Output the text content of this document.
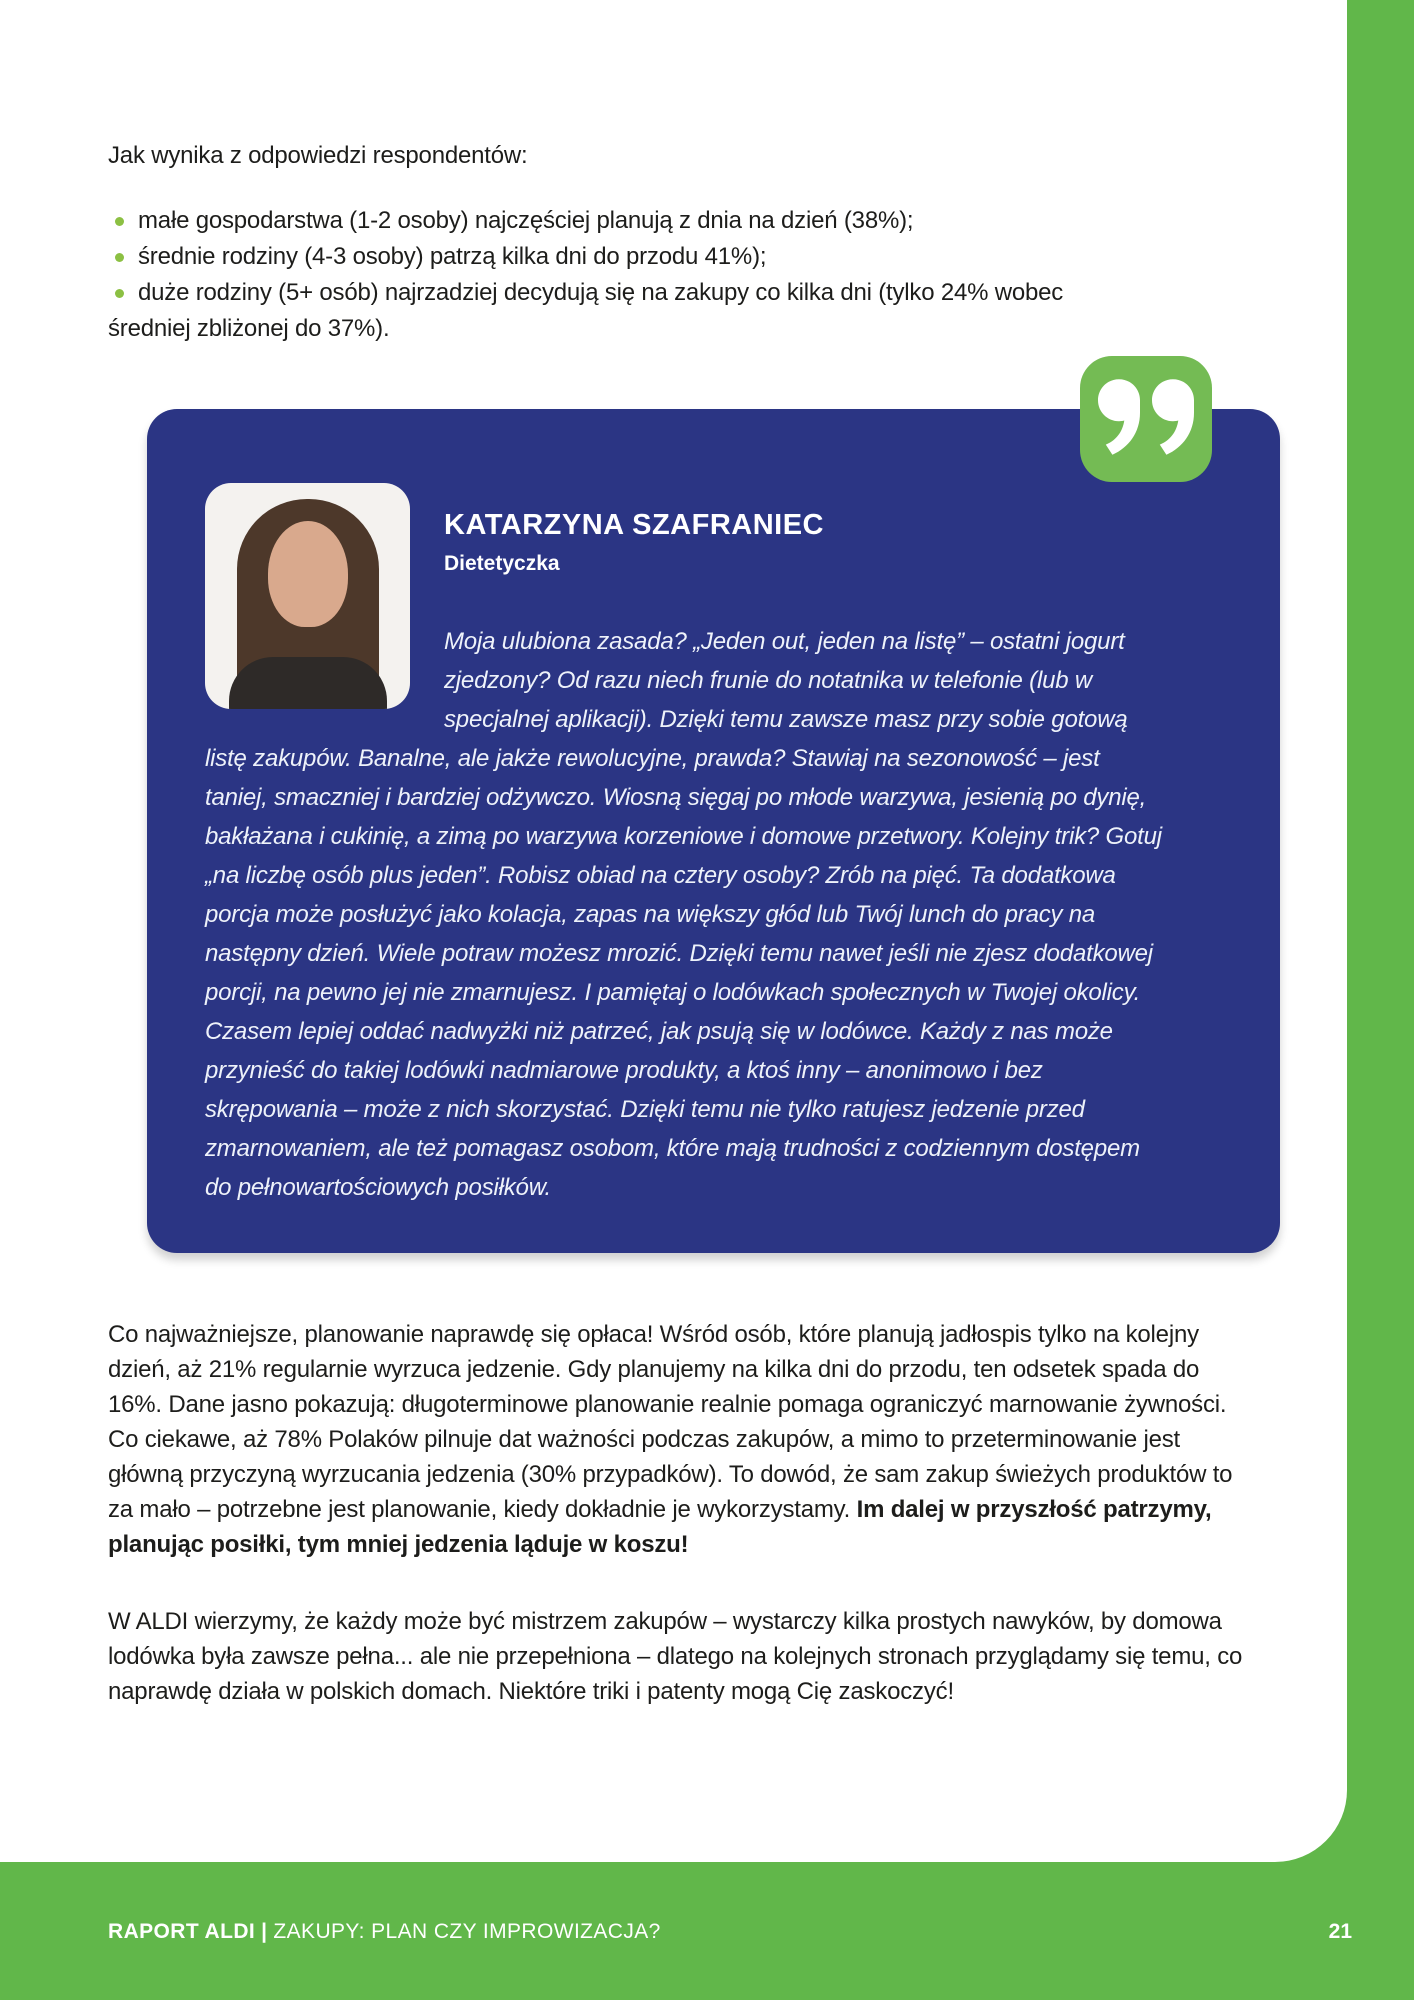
Jak wynika z odpowiedzi respondentów:

małe gospodarstwa (1-2 osoby) najczęściej planują z dnia na dzień (38%);
średnie rodziny (4-3 osoby) patrzą kilka dni do przodu 41%);
duże rodziny (5+ osób) najrzadziej decydują się na zakupy co kilka dni (tylko 24% wobec

średniej zbliżonej do 37%).

KATARZYNA SZAFRANIEC

Dietetyczka

Moja ulubiona zasada? „Jeden out, jeden na listę” – ostatni jogurt zjedzony? Od razu niech frunie do notatnika w telefonie (lub w specjalnej aplikacji). Dzięki temu zawsze masz przy sobie gotową listę zakupów. Banalne, ale jakże rewolucyjne, prawda? Stawiaj na sezonowość – jest taniej, smaczniej i bardziej odżywczo. Wiosną sięgaj po młode warzywa, jesienią po dynię, bakłażana i cukinię, a zimą po warzywa korzeniowe i domowe przetwory. Kolejny trik? Gotuj „na liczbę osób plus jeden”. Robisz obiad na cztery osoby? Zrób na pięć. Ta dodatkowa porcja może posłużyć jako kolacja, zapas na większy głód lub Twój lunch do pracy na następny dzień. Wiele potraw możesz mrozić. Dzięki temu nawet jeśli nie zjesz dodatkowej porcji, na pewno jej nie zmarnujesz. I pamiętaj o lodówkach społecznych w Twojej okolicy. Czasem lepiej oddać nadwyżki niż patrzeć, jak psują się w lodówce. Każdy z nas może przynieść do takiej lodówki nadmiarowe produkty, a ktoś inny – anonimowo i bez skrępowania – może z nich skorzystać. Dzięki temu nie tylko ratujesz jedzenie przed zmarnowaniem, ale też pomagasz osobom, które mają trudności z codziennym dostępem do pełnowartościowych posiłków.

Co najważniejsze, planowanie naprawdę się opłaca! Wśród osób, które planują jadłospis tylko na kolejny dzień, aż 21% regularnie wyrzuca jedzenie. Gdy planujemy na kilka dni do przodu, ten odsetek spada do 16%. Dane jasno pokazują: długoterminowe planowanie realnie pomaga ograniczyć marnowanie żywności. Co ciekawe, aż 78% Polaków pilnuje dat ważności podczas zakupów, a mimo to przeterminowanie jest główną przyczyną wyrzucania jedzenia (30% przypadków). To dowód, że sam zakup świeżych produktów to za mało – potrzebne jest planowanie, kiedy dokładnie je wykorzystamy. Im dalej w przyszłość patrzymy, planując posiłki, tym mniej jedzenia ląduje w koszu!

W ALDI wierzymy, że każdy może być mistrzem zakupów – wystarczy kilka prostych nawyków, by domowa lodówka była zawsze pełna... ale nie przepełniona – dlatego na kolejnych stronach przyglądamy się temu, co naprawdę działa w polskich domach. Niektóre triki i patenty mogą Cię zaskoczyć!

RAPORT ALDI | ZAKUPY: PLAN CZY IMPROWIZACJA?	21
